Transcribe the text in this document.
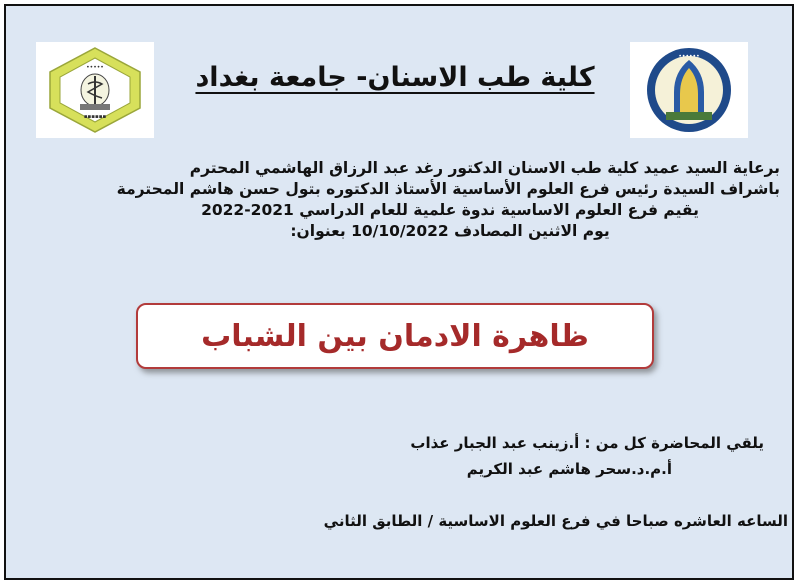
•••••
▪▪▪▪▪▪
••••••
كلية طب الاسنان- جامعة بغداد
برعاية السيد عميد كلية طب الاسنان الدكتور رغد عبد الرزاق الهاشمي المحترم
باشراف السيدة رئيس فرع العلوم الأساسية الأستاذ الدكتوره بتول حسن هاشم المحترمة
يقيم فرع العلوم الاساسية ندوة علمية للعام الدراسي 2021-2022
يوم الاثنين المصادف 10/10/2022 بعنوان:
ظاهرة الادمان بين الشباب
يلقي المحاضرة كل من : أ.زينب عبد الجبار عذاب
أ.م.د.سحر هاشم عبد الكريم
الساعه العاشره صباحا في فرع العلوم الاساسية / الطابق الثاني
